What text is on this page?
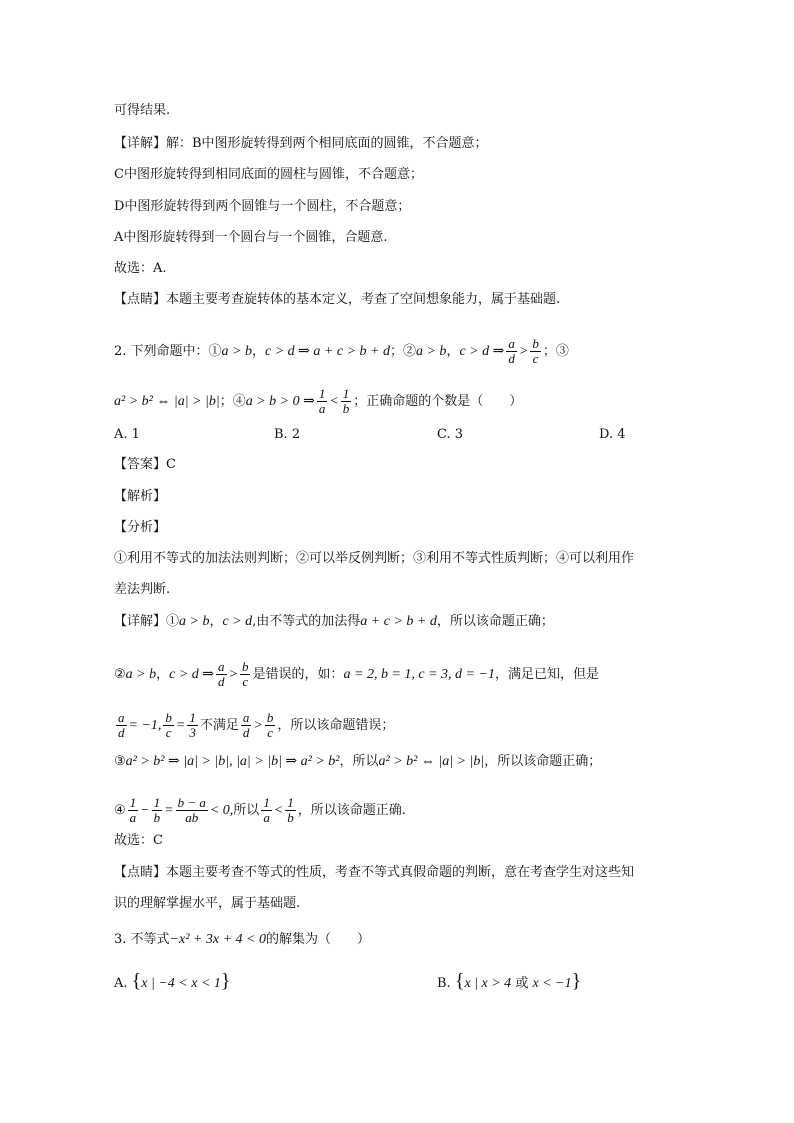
可得结果.
【详解】解：B中图形旋转得到两个相同底面的圆锥，不合题意；
C中图形旋转得到相同底面的圆柱与圆锥，不合题意；
D中图形旋转得到两个圆锥与一个圆柱，不合题意；
A中图形旋转得到一个圆台与一个圆锥，合题意.
故选：A.
【点睛】本题主要考查旋转体的基本定义，考查了空间想象能力，属于基础题.
2. 下列命题中：① a > b ， c > d ⇒ a + c > b + d ；② a > b ， c > d ⇒ $\frac{a}{d} > \frac{b}{c}$ ；③
a² > b² ⇔ |a| > |b| ；④ a > b > 0 ⇒ $\frac{1}{a} < \frac{1}{b}$ ；正确命题的个数是（　　）
A. 1	B. 2	C. 3	D. 4
【答案】C
【解析】
【分析】
①利用不等式的加法法则判断；②可以举反例判断；③利用不等式性质判断；④可以利用作
差法判断.
【详解】① a > b ， c > d ,由不等式的加法得 a + c > b + d ，所以该命题正确；
② a > b ， c > d ⇒ $\frac{a}{d} > \frac{b}{c}$ 是错误的，如： a = 2, b = 1, c = 3, d = −1 ，满足已知，但是
$\frac{a}{d} = -1$, $\frac{b}{c} = \frac{1}{3}$ 不满足 $\frac{a}{d} > \frac{b}{c}$ ，所以该命题错误；
③ a² > b² ⇒ |a| > |b|, |a| > |b| ⇒ a² > b² ，所以 a² > b² ⇔ |a| > |b| ，所以该命题正确；
④ $\frac{1}{a} - \frac{1}{b} = \frac{b - a}{ab} < 0$, 所以 $\frac{1}{a} < \frac{1}{b}$ ，所以该命题正确.
故选：C
【点睛】本题主要考查不等式的性质，考查不等式真假命题的判断，意在考查学生对这些知
识的理解掌握水平，属于基础题.
3. 不等式 −x² + 3x + 4 < 0 的解集为（　　）
A. {x | −4 < x < 1}	B. {x | x > 4 或 x < −1}
